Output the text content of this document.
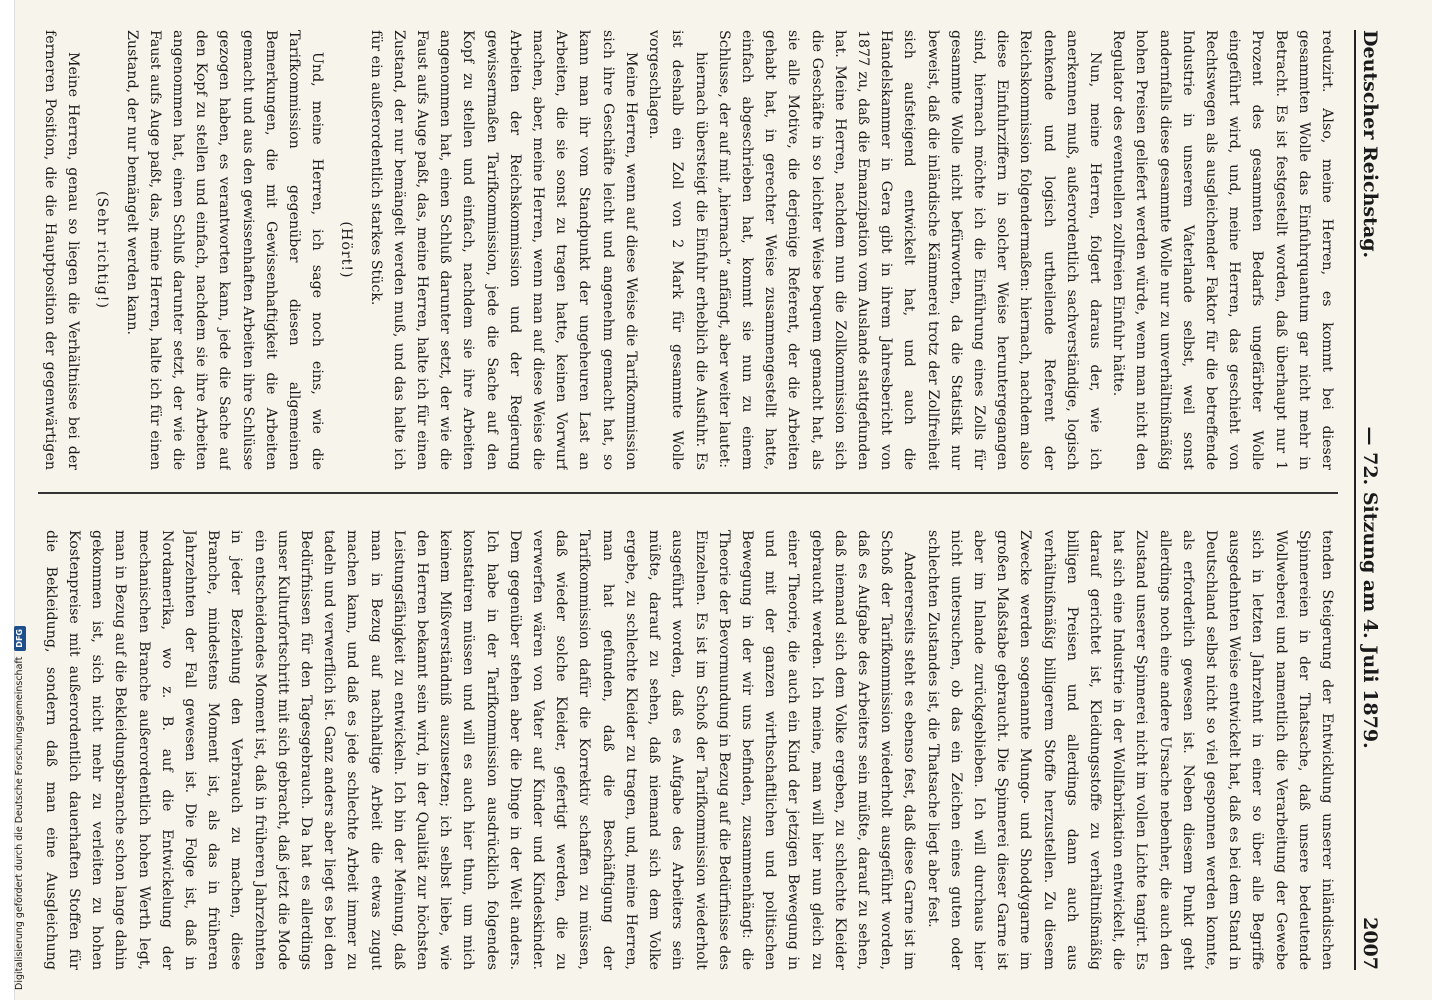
Deutscher Reichstag.
— 72. Sitzung am 4. Juli 1879.
2007

reduzirt. Also, meine Herren, es kommt bei dieser gesammten Wolle das Einfuhrquantum gar nicht mehr in Betracht. Es ist festgestellt worden, daß überhaupt nur 1 Prozent des gesammten Bedarfs ungefärbter Wolle eingeführt wird, und, meine Herren, das geschieht von Rechtswegen als ausgleichender Faktor für die betreffende Industrie in unserem Vaterlande selbst, weil sonst andernfalls diese gesammte Wolle nur zu unverhältnißmäßig hohen Preisen geliefert werden würde, wenn man nicht den Regulator des eventuellen zollfreien Einfuhr hätte.

Nun, meine Herren, folgert daraus der, wie ich anerkennen muß, außerordentlich sachverständige, logisch denkende und logisch urtheilende Referent der Reichskommission folgendermaßen: hiernach, nachdem also diese Einfuhrziffern in solcher Weise heruntergegangen sind, hiernach möchte ich die Einführung eines Zolls für gesammte Wolle nicht befürworten, da die Statistik nur beweist, daß die inländische Kämmerei trotz der Zollfreiheit sich aufsteigend entwickelt hat, und auch die Handelskammer in Gera gibt in ihrem Jahresbericht von 1877 zu, daß die Emanzipation vom Auslande stattgefunden hat. Meine Herren, nachdem nun die Zollkommission sich die Geschäfte in so leichter Weise bequem gemacht hat, als sie alle Motive, die derjenige Referent, der die Arbeiten gehabt hat, in gerechter Weise zusammengestellt hatte, einfach abgeschrieben hat, kommt sie nun zu einem Schlusse, der auf mit „hiernach“ anfängt, aber weiter lautet:

hiernach übersteigt die Einfuhr erheblich die Ausfuhr. Es ist deshalb ein Zoll von 2 Mark für gesammte Wolle vorgeschlagen.

Meine Herren, wenn auf diese Weise die Tarifkommission sich ihre Geschäfte leicht und angenehm gemacht hat, so kann man ihr vom Standpunkt der ungeheuren Last an Arbeiten, die sie sonst zu tragen hatte, keinen Vorwurf machen, aber, meine Herren, wenn man auf diese Weise die Arbeiten der Reichskommission und der Regierung gewissermaßen Tarifkommission, jede die Sache auf den Kopf zu stellen und einfach, nachdem sie ihre Arbeiten angenommen hat, einen Schluß darunter setzt, der wie die Faust aufs Auge paßt, das, meine Herren, halte ich für einen Zustand, der nur bemängelt werden muß, und das halte ich für ein außerordentlich starkes Stück.

(Hört!)

Und, meine Herren, ich sage noch eins, wie die Tarifkommission gegenüber diesen allgemeinen Bemerkungen, die mit Gewissenhaftigkeit die Arbeiten gemacht und aus den gewissenhaften Arbeiten ihre Schlüsse gezogen haben, es verantworten kann, jede die Sache auf den Kopf zu stellen und einfach, nachdem sie ihre Arbeiten angenommen hat, einen Schluß darunter setzt, der wie die Faust aufs Auge paßt, das, meine Herren, halte ich für einen Zustand, der nur bemängelt werden kann.

(Sehr richtig!)

Meine Herren, genau so liegen die Verhältnisse bei der ferneren Position, die die Hauptposition der gegenwärtigen

tenden Steigerung der Entwicklung unserer inländischen Spinnereien in der Thatsache, daß unsere bedeutende Wollweberei und namentlich die Verarbeitung der Gewebe sich in letzten Jahrzehnt in einer so über alle Begriffe ausgedehnten Weise entwickelt hat, daß es bei dem Stand in Deutschland selbst nicht so viel gesponnen werden konnte, als erforderlich gewesen ist. Neben diesem Punkt geht allerdings noch eine andere Ursache nebenher, die auch den Zustand unserer Spinnerei nicht im vollen Lichte tangirt. Es hat sich eine Industrie in der Wollfabrikation entwickelt, die darauf gerichtet ist, Kleidungsstoffe zu verhältnißmäßig billigen Preisen und allerdings dann auch aus verhältnißmäßig billigerem Stoffe herzustellen. Zu diesem Zwecke werden sogenannte Mungo- und Shoddygarne im großen Maßstabe gebraucht. Die Spinnerei dieser Garne ist aber im Inlande zurückgeblieben. Ich will durchaus hier nicht untersuchen, ob das ein Zeichen eines guten oder schlechten Zustandes ist, die Thatsache liegt aber fest.

Andererseits steht es ebenso fest, daß diese Garne ist im Schoß der Tarifkommission wiederholt ausgeführt worden, daß es Aufgabe des Arbeiters sein müßte, darauf zu sehen, daß niemand sich dem Volke ergeben, zu schlechte Kleider gebraucht werden. Ich meine, man will hier nun gleich zu einer Theorie, die auch ein Kind der jetzigen Bewegung in und mit der ganzen wirthschaftlichen und politischen Bewegung in der wir uns befinden, zusammenhängt: die Theorie der Bevormundung in Bezug auf die Bedürfnisse des Einzelnen. Es ist im Schoß der Tarifkommission wiederholt ausgeführt worden, daß es Aufgabe des Arbeiters sein müßte, darauf zu sehen, daß niemand sich dem Volke ergebe, zu schlechte Kleider zu tragen, und, meine Herren, man hat gefunden, daß die Beschäftigung der Tarifkommission dafür die Korrektiv schaffen zu müssen, daß wieder solche Kleider, gefertigt werden, die zu verwerfen wären von Vater auf Kinder und Kindeskinder. Dem gegenüber stehen aber die Dinge in der Welt anders. Ich habe in der Tarifkommission ausdrücklich folgendes konstatiren müssen und will es auch hier thun, um mich keinem Mißverständniß auszusetzen; ich selbst liebe, wie den Herren bekannt sein wird, in der Qualität zur höchsten Leistungsfähigkeit zu entwickeln. Ich bin der Meinung, daß man in Bezug auf nachhaltige Arbeit die etwas zugut machen kann, und daß es jede schlechte Arbeit immer zu tadeln und verwerflich ist. Ganz anders aber liegt es bei den Bedürfnissen für den Tagesgebrauch. Da hat es allerdings unser Kulturfortschritt mit sich gebracht, daß jetzt die Mode ein entscheidendes Moment ist, daß in früheren Jahrzehnten in jeder Beziehung den Verbrauch zu machen, diese Branche, mindestens Moment ist, als das in früheren Jahrzehnten der Fall gewesen ist. Die Folge ist, daß in Nordamerika, wo z. B. auf die Entwickelung der mechanischen Branche außerordentlich hohen Werth legt, man in Bezug auf die Bekleidungsbranche schon lange dahin gekommen ist, sich nicht mehr zu verleiten zu hohen Kostenpreise mit außerordentlich dauerhaften Stoffen für die Bekleidung, sondern daß man eine Ausgleichung

Digitalisierung gefördert durch die Deutsche Forschungsgemeinschaft
DFG
